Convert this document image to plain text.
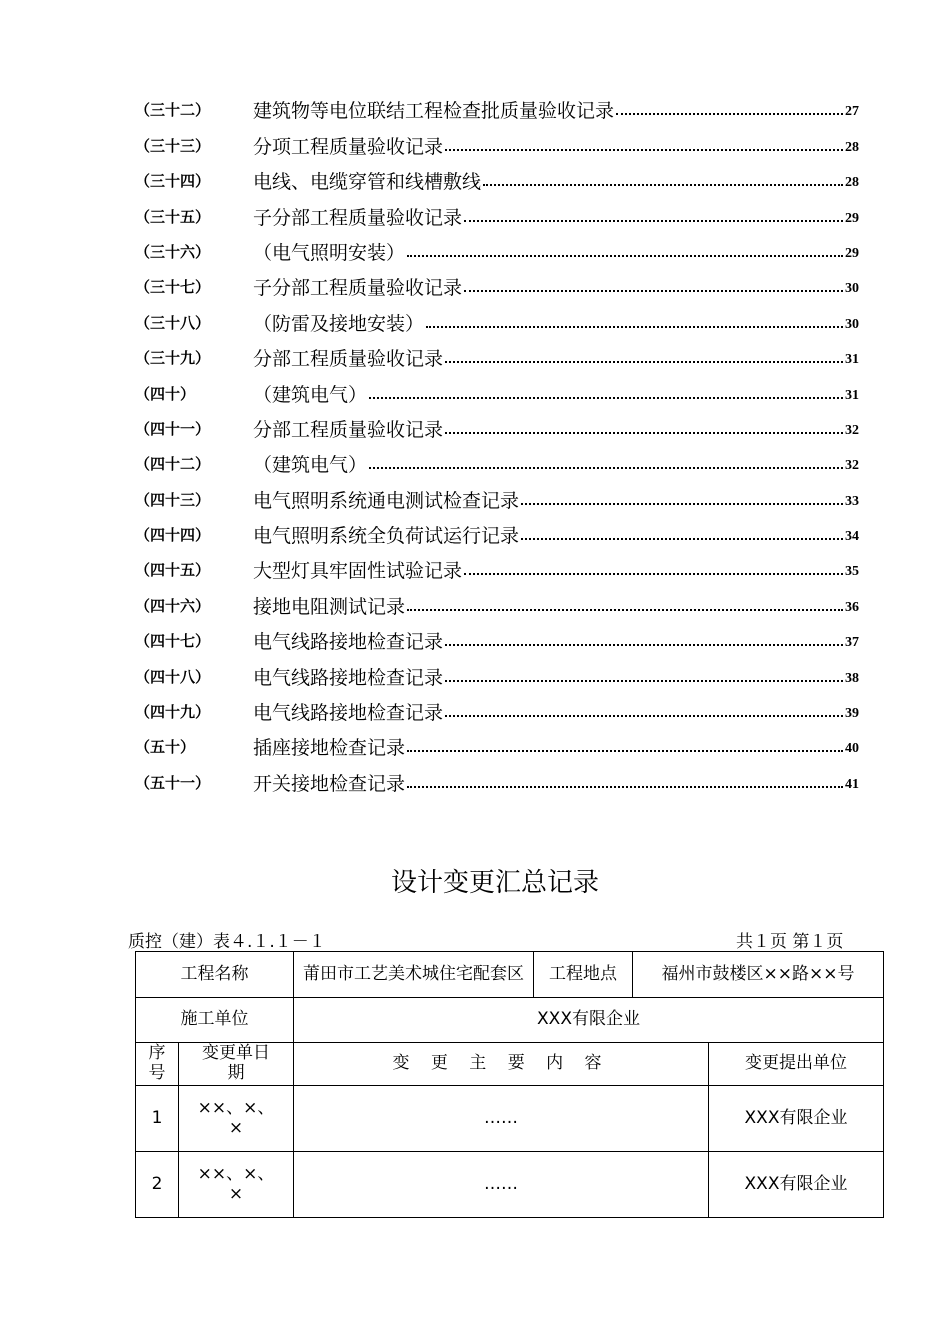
（三十二）	建筑物等电位联结工程检查批质量验收记录	27
（三十三）	分项工程质量验收记录	28
（三十四）	电线、电缆穿管和线槽敷线	28
（三十五）	子分部工程质量验收记录	29
（三十六）	（电气照明安装）	29
（三十七）	子分部工程质量验收记录	30
（三十八）	（防雷及接地安装）	30
（三十九）	分部工程质量验收记录	31
（四十）	（建筑电气）	31
（四十一）	分部工程质量验收记录	32
（四十二）	（建筑电气）	32
（四十三）	电气照明系统通电测试检查记录	33
（四十四）	电气照明系统全负荷试运行记录	34
（四十五）	大型灯具牢固性试验记录	35
（四十六）	接地电阻测试记录	36
（四十七）	电气线路接地检查记录	37
（四十八）	电气线路接地检查记录	38
（四十九）	电气线路接地检查记录	39
（五十）	插座接地检查记录	40
（五十一）	开关接地检查记录	41
设计变更汇总记录
质控（建）表４.１.１－１	共１页 第１页
工程名称		莆田市工艺美术城住宅配套区	工程地点	福州市鼓楼区××路××号	
施工单位		XXX有限企业			
序号	变更单日 期	变 更 主 要 内 容			变更提出单位
1	××、×、×	……			XXX有限企业
2	××、×、×	……			XXX有限企业
